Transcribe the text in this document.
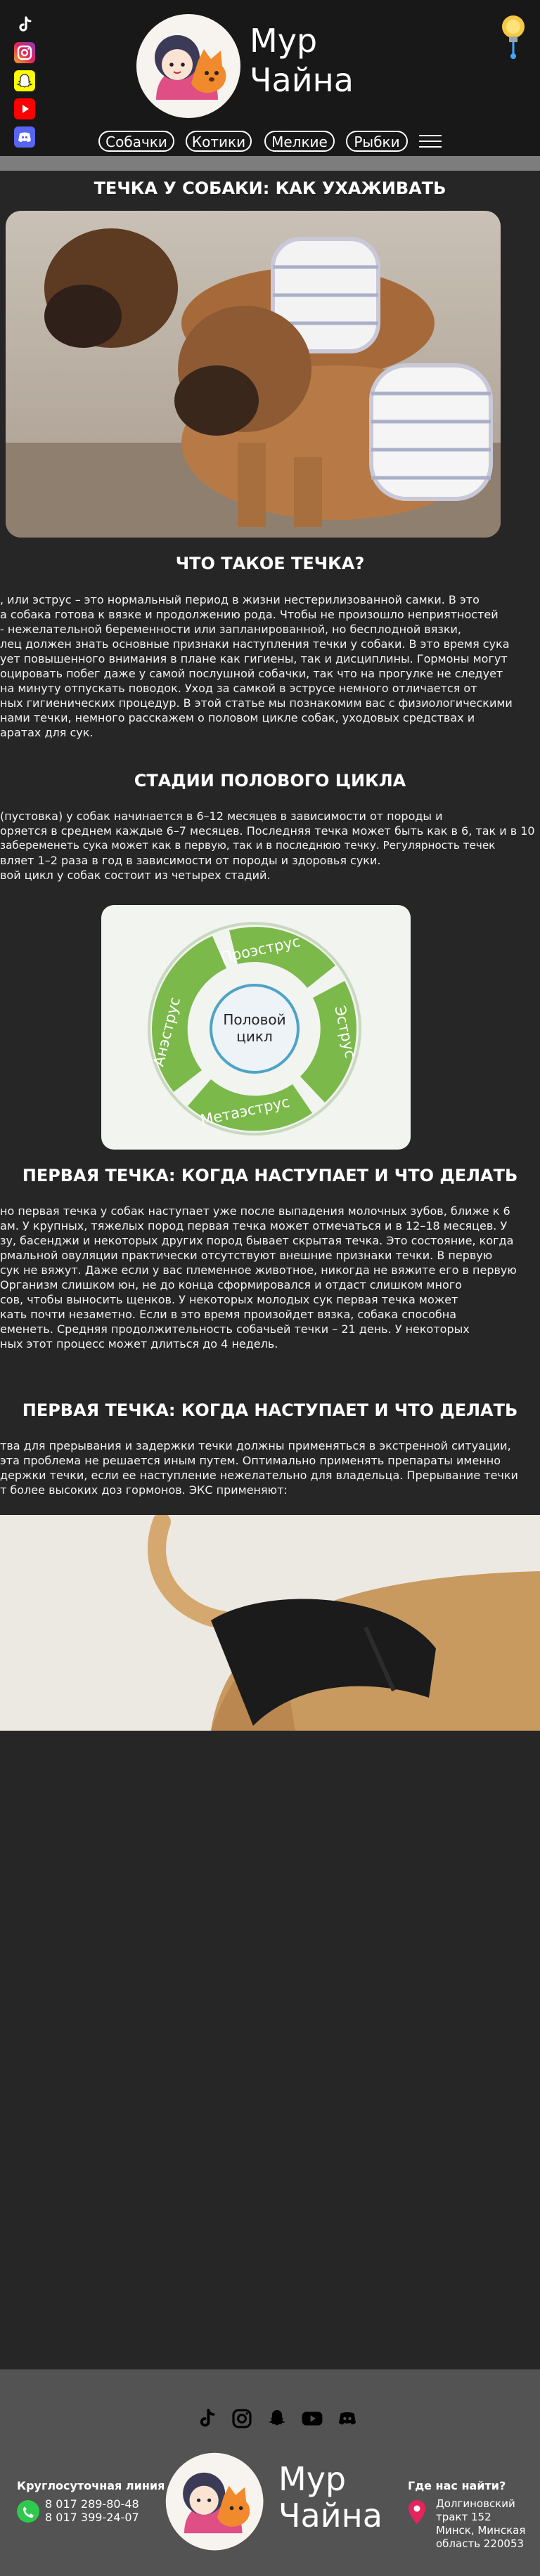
Мур
Чайна
Собачки	Котики	Мелкие	Рыбки
ТЕЧКА У СОБАКИ: КАК УХАЖИВАТЬ
ЧТО ТАКОЕ ТЕЧКА?
, или эструс – это нормальный период в жизни нестерилизованной самки. В это
а собака готова к вязке и продолжению рода. Чтобы не произошло неприятностей
- нежелательной беременности или запланированной, но бесплодной вязки,
лец должен знать основные признаки наступления течки у собаки. В это время сука
ует повышенного внимания в плане как гигиены, так и дисциплины. Гормоны могут
оцировать побег даже у самой послушной собачки, так что на прогулке не следует
на минуту отпускать поводок. Уход за самкой в эструсе немного отличается от
ных гигиенических процедур. В этой статье мы познакомим вас с физиологическими
нами течки, немного расскажем о половом цикле собак, уходовых средствах и
аратах для сук.
СТАДИИ ПОЛОВОГО ЦИКЛА
(пустовка) у собак начинается в 6–12 месяцев в зависимости от породы и
оряется в среднем каждые 6–7 месяцев. Последняя течка может быть как в 6, так и в 10
забеременеть сука может как в первую, так и в последнюю течку. Регулярность течек
вляет 1–2 раза в год в зависимости от породы и здоровья суки.
вой цикл у собак состоит из четырех стадий.
Половой
цикл
Проэструс
Эструс
Метаэструс
Анэструс
ПЕРВАЯ ТЕЧКА: КОГДА НАСТУПАЕТ И ЧТО ДЕЛАТЬ
но первая течка у собак наступает уже после выпадения молочных зубов, ближе к 6
ам. У крупных, тяжелых пород первая течка может отмечаться и в 12–18 месяцев. У
зу, басенджи и некоторых других пород бывает скрытая течка. Это состояние, когда
рмальной овуляции практически отсутствуют внешние признаки течки. В первую
сук не вяжут. Даже если у вас племенное животное, никогда не вяжите его в первую
Организм слишком юн, не до конца сформировался и отдаст слишком много
сов, чтобы выносить щенков. У некоторых молодых сук первая течка может
кать почти незаметно. Если в это время произойдет вязка, собака способна
еменеть. Средняя продолжительность собачьей течки – 21 день. У некоторых
ных этот процесс может длиться до 4 недель.
ПЕРВАЯ ТЕЧКА: КОГДА НАСТУПАЕТ И ЧТО ДЕЛАТЬ
тва для прерывания и задержки течки должны применяться в экстренной ситуации,
эта проблема не решается иным путем. Оптимально применять препараты именно
держки течки, если ее наступление нежелательно для владельца. Прерывание течки
т более высоких доз гормонов. ЭКС применяют:
Круглосуточная линия
8 017 289-80-48
8 017 399-24-07
Мур
Чайна
Где нас найти?
Долгиновский
тракт 152
Минск, Минская
область 220053
